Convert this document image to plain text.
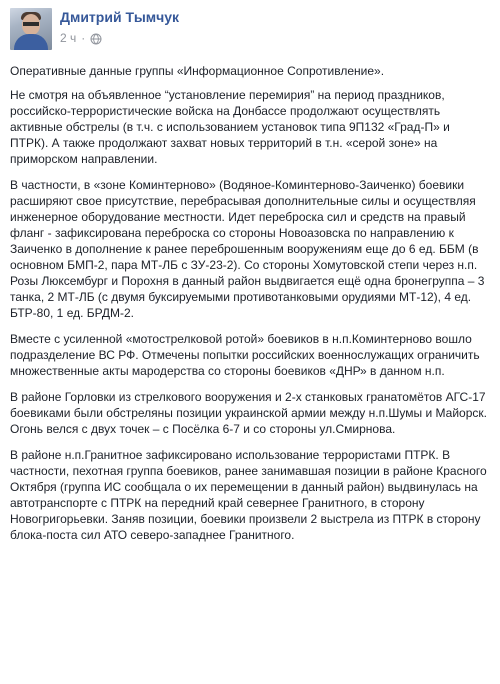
Дмитрий Тымчук
2 ч ·

Оперативные данные группы «Информационное Сопротивление».

Не смотря на объявленное “установление перемирия” на период праздников, российско-террористические войска на Донбассе продолжают осуществлять активные обстрелы (в т.ч. с использованием установок типа 9П132 «Град-П» и ПТРК). А также продолжают захват новых территорий в т.н. «серой зоне» на приморском направлении.

В частности, в «зоне Коминтерново» (Водяное-Коминтерново-Заиченко) боевики расширяют свое присутствие, перебрасывая дополнительные силы и осуществляя инженерное оборудование местности. Идет переброска сил и средств на правый фланг - зафиксирована переброска со стороны Новоазовска по направлению к Заиченко в дополнение к ранее переброшенным вооружениям еще до 6 ед. ББМ (в основном БМП-2, пара МТ-ЛБ с ЗУ-23-2). Со стороны Хомутовской степи через н.п. Розы Люксембург и Порохня в данный район выдвигается ещё одна бронегруппа – 3 танка, 2 МТ-ЛБ (с двумя буксируемыми противотанковыми орудиями МТ-12), 4 ед. БТР-80, 1 ед. БРДМ-2.

Вместе с усиленной «мотострелковой ротой» боевиков в н.п.Коминтерново вошло подразделение ВС РФ. Отмечены попытки российских военнослужащих ограничить множественные акты мародерства со стороны боевиков «ДНР» в данном н.п.

В районе Горловки из стрелкового вооружения и 2-х станковых гранатомётов АГС-17 боевиками были обстреляны позиции украинской армии между н.п.Шумы и Майорск. Огонь велся с двух точек – с Посёлка 6-7 и со стороны ул.Смирнова.

В районе н.п.Гранитное зафиксировано использование террористами ПТРК. В частности, пехотная группа боевиков, ранее занимавшая позиции в районе Красного Октября (группа ИС сообщала о их перемещении в данный район) выдвинулась на автотранспорте с ПТРК на передний край севернее Гранитного, в сторону Новогригорьевки. Заняв позиции, боевики произвели 2 выстрела из ПТРК в сторону блока-поста сил АТО северо-западнее Гранитного.
